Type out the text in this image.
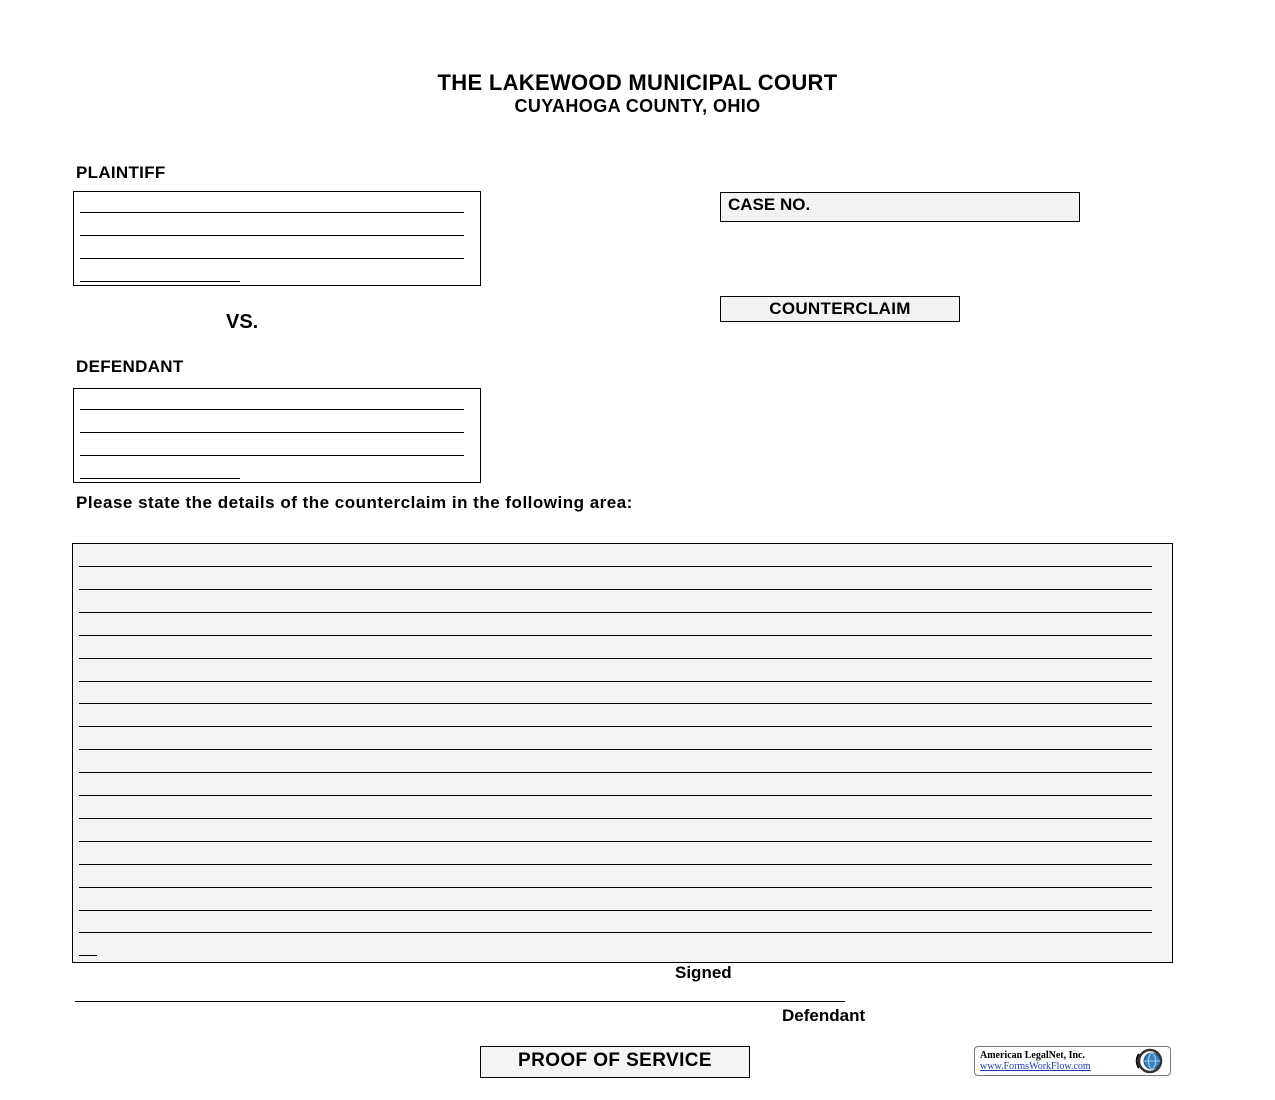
THE LAKEWOOD MUNICIPAL COURT
CUYAHOGA COUNTY, OHIO
PLAINTIFF
VS.
DEFENDANT
CASE NO.
COUNTERCLAIM
Please state the details of the counterclaim in the following area:
Signed
Defendant
PROOF OF SERVICE	American LegalNet, Inc.
www.FormsWorkFlow.com
